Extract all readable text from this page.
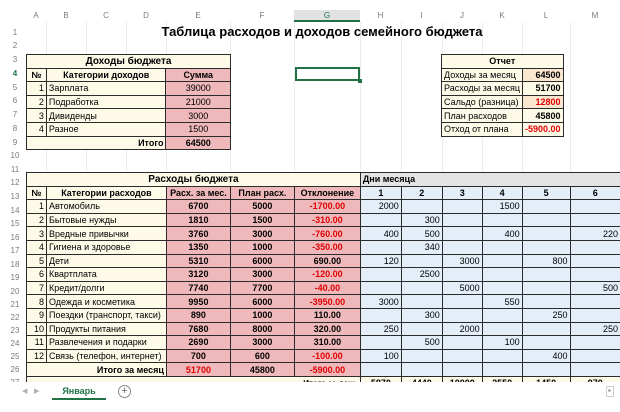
A	B	C	D	E	F	G	H	I	J	K	L	M
1
2
3
4
5
6
7
8
9
10
11
12
13
14
15
16
17
18
19
20
21
22
23
24
25
26
Таблица расходов и доходов семейного бюджета
Доходы бюджета		
№	Категории доходов	Сумма
1	Зарплата	39000
2	Подработка	21000
3	Дивиденды	3000
4	Разное	1500
Итого		64500
Отчет	
Доходы за месяц	64500
Расходы за месяц	51700
Сальдо (разница)	12800
План расходов	45800
Отход от плана	-5900.00
Расходы бюджета					Дни месяца					
№	Категории расходов	Расх. за мес.	План расх.	Отклонение	1	2	3	4	5	6
1	Автомобиль	6700	5000	-1700.00	2000			1500		
2	Бытовые нужды	1810	1500	-310.00		300				
3	Вредные привычки	3760	3000	-760.00	400	500		400		220
4	Гигиена и здоровье	1350	1000	-350.00		340				
5	Дети	5310	6000	690.00	120		3000		800	
6	Квартплата	3120	3000	-120.00		2500				
7	Кредит/долги	7740	7700	-40.00			5000			500
8	Одежда и косметика	9950	6000	-3950.00	3000			550		
9	Поездки (транспорт, такси)	890	1000	110.00		300			250	
10	Продукты питания	7680	8000	320.00	250		2000			250
11	Развлечения и подарки	2690	3000	310.00		500		100		
12	Связь (телефон, интернет)	700	600	-100.00	100				400	
Итого за месяц		51700	45800	-5900.00						

◀ ▶	Январь	+	▸
